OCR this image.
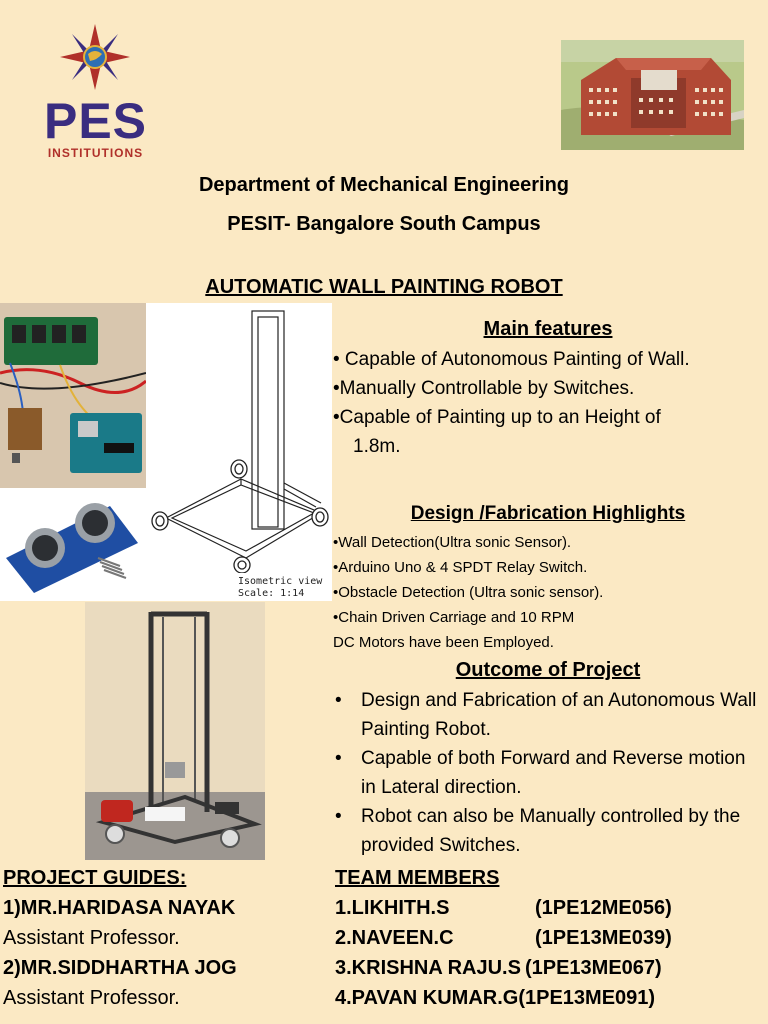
PES
INSTITUTIONS
Department of Mechanical Engineering
PESIT- Bangalore South Campus
AUTOMATIC WALL PAINTING ROBOT
Isometric view
Scale: 1:14
Main features
• Capable of Autonomous Painting of Wall.
•Manually Controllable by Switches.
•Capable of Painting up to an Height of
1.8m.
Design /Fabrication Highlights
•Wall Detection(Ultra sonic Sensor).
•Arduino Uno & 4 SPDT Relay Switch.
•Obstacle Detection (Ultra sonic sensor).
•Chain Driven Carriage and 10 RPM
DC Motors have been Employed.
Outcome of Project
•	Design and Fabrication of an Autonomous Wall Painting Robot.
•	Capable of both Forward and Reverse motion in Lateral direction.
•	Robot can also be Manually controlled by the provided Switches.
PROJECT GUIDES:
1)MR.HARIDASA NAYAK
Assistant Professor.
2)MR.SIDDHARTHA JOG
Assistant Professor.
TEAM MEMBERS
1.LIKHITH.S	(1PE12ME056)
2.NAVEEN.C	(1PE13ME039)
3.KRISHNA RAJU.S (1PE13ME067)
4.PAVAN KUMAR.G (1PE13ME091)
